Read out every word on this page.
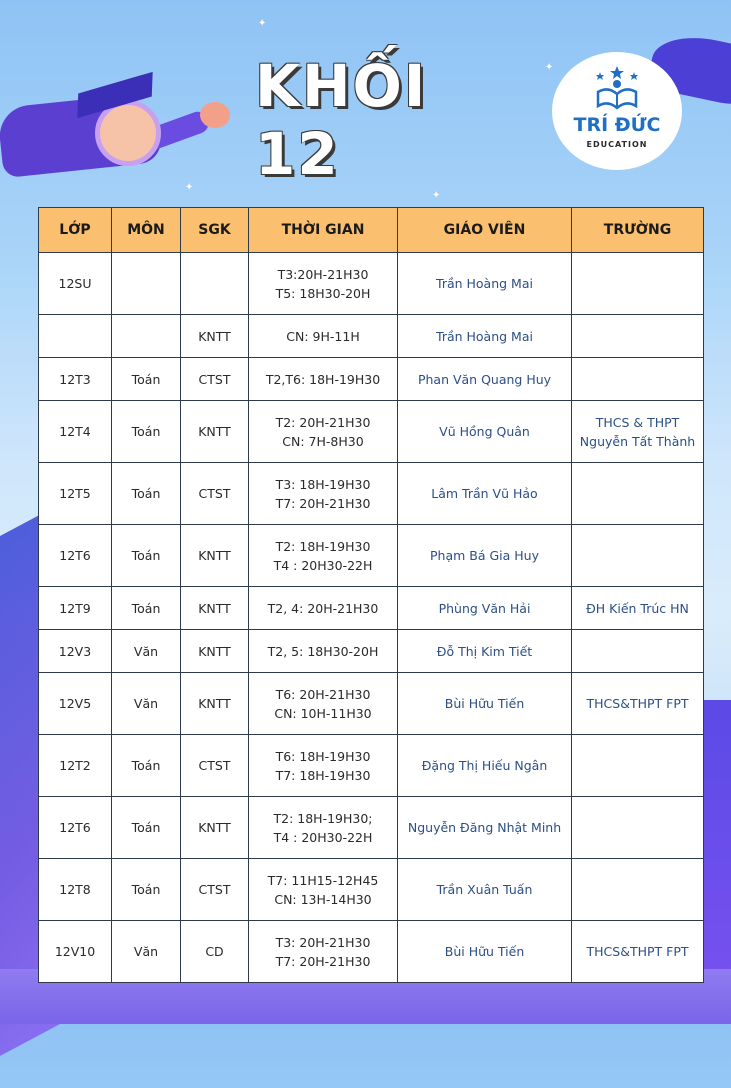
✦
✦
✦
✦
KHỐI 12	TRÍ ĐỨC
EDUCATION
LỚP	MÔN	SGK	THỜI GIAN	GIÁO VIÊN	TRƯỜNG
12SU			T3:20H-21H30
T5: 18H30-20H	Trần Hoàng Mai	
		KNTT	CN: 9H-11H	Trần Hoàng Mai	
12T3	Toán	CTST	T2,T6: 18H-19H30	Phan Văn Quang Huy	
12T4	Toán	KNTT	T2: 20H-21H30
CN: 7H-8H30	Vũ Hồng Quân	THCS & THPT
Nguyễn Tất Thành
12T5	Toán	CTST	T3: 18H-19H30
T7: 20H-21H30	Lâm Trần Vũ Hảo	
12T6	Toán	KNTT	T2: 18H-19H30
T4 : 20H30-22H	Phạm Bá Gia Huy	
12T9	Toán	KNTT	T2, 4: 20H-21H30	Phùng Văn Hải	ĐH Kiến Trúc HN
12V3	Văn	KNTT	T2, 5: 18H30-20H	Đỗ Thị Kim Tiết	
12V5	Văn	KNTT	T6: 20H-21H30
CN: 10H-11H30	Bùi Hữu Tiến	THCS&THPT FPT
12T2	Toán	CTST	T6: 18H-19H30
T7: 18H-19H30	Đặng Thị Hiếu Ngân	
12T6	Toán	KNTT	T2: 18H-19H30;
T4 : 20H30-22H	Nguyễn Đăng Nhật Minh	
12T8	Toán	CTST	T7: 11H15-12H45
CN: 13H-14H30	Trần Xuân Tuấn	
12V10	Văn	CD	T3: 20H-21H30
T7: 20H-21H30	Bùi Hữu Tiến	THCS&THPT FPT
